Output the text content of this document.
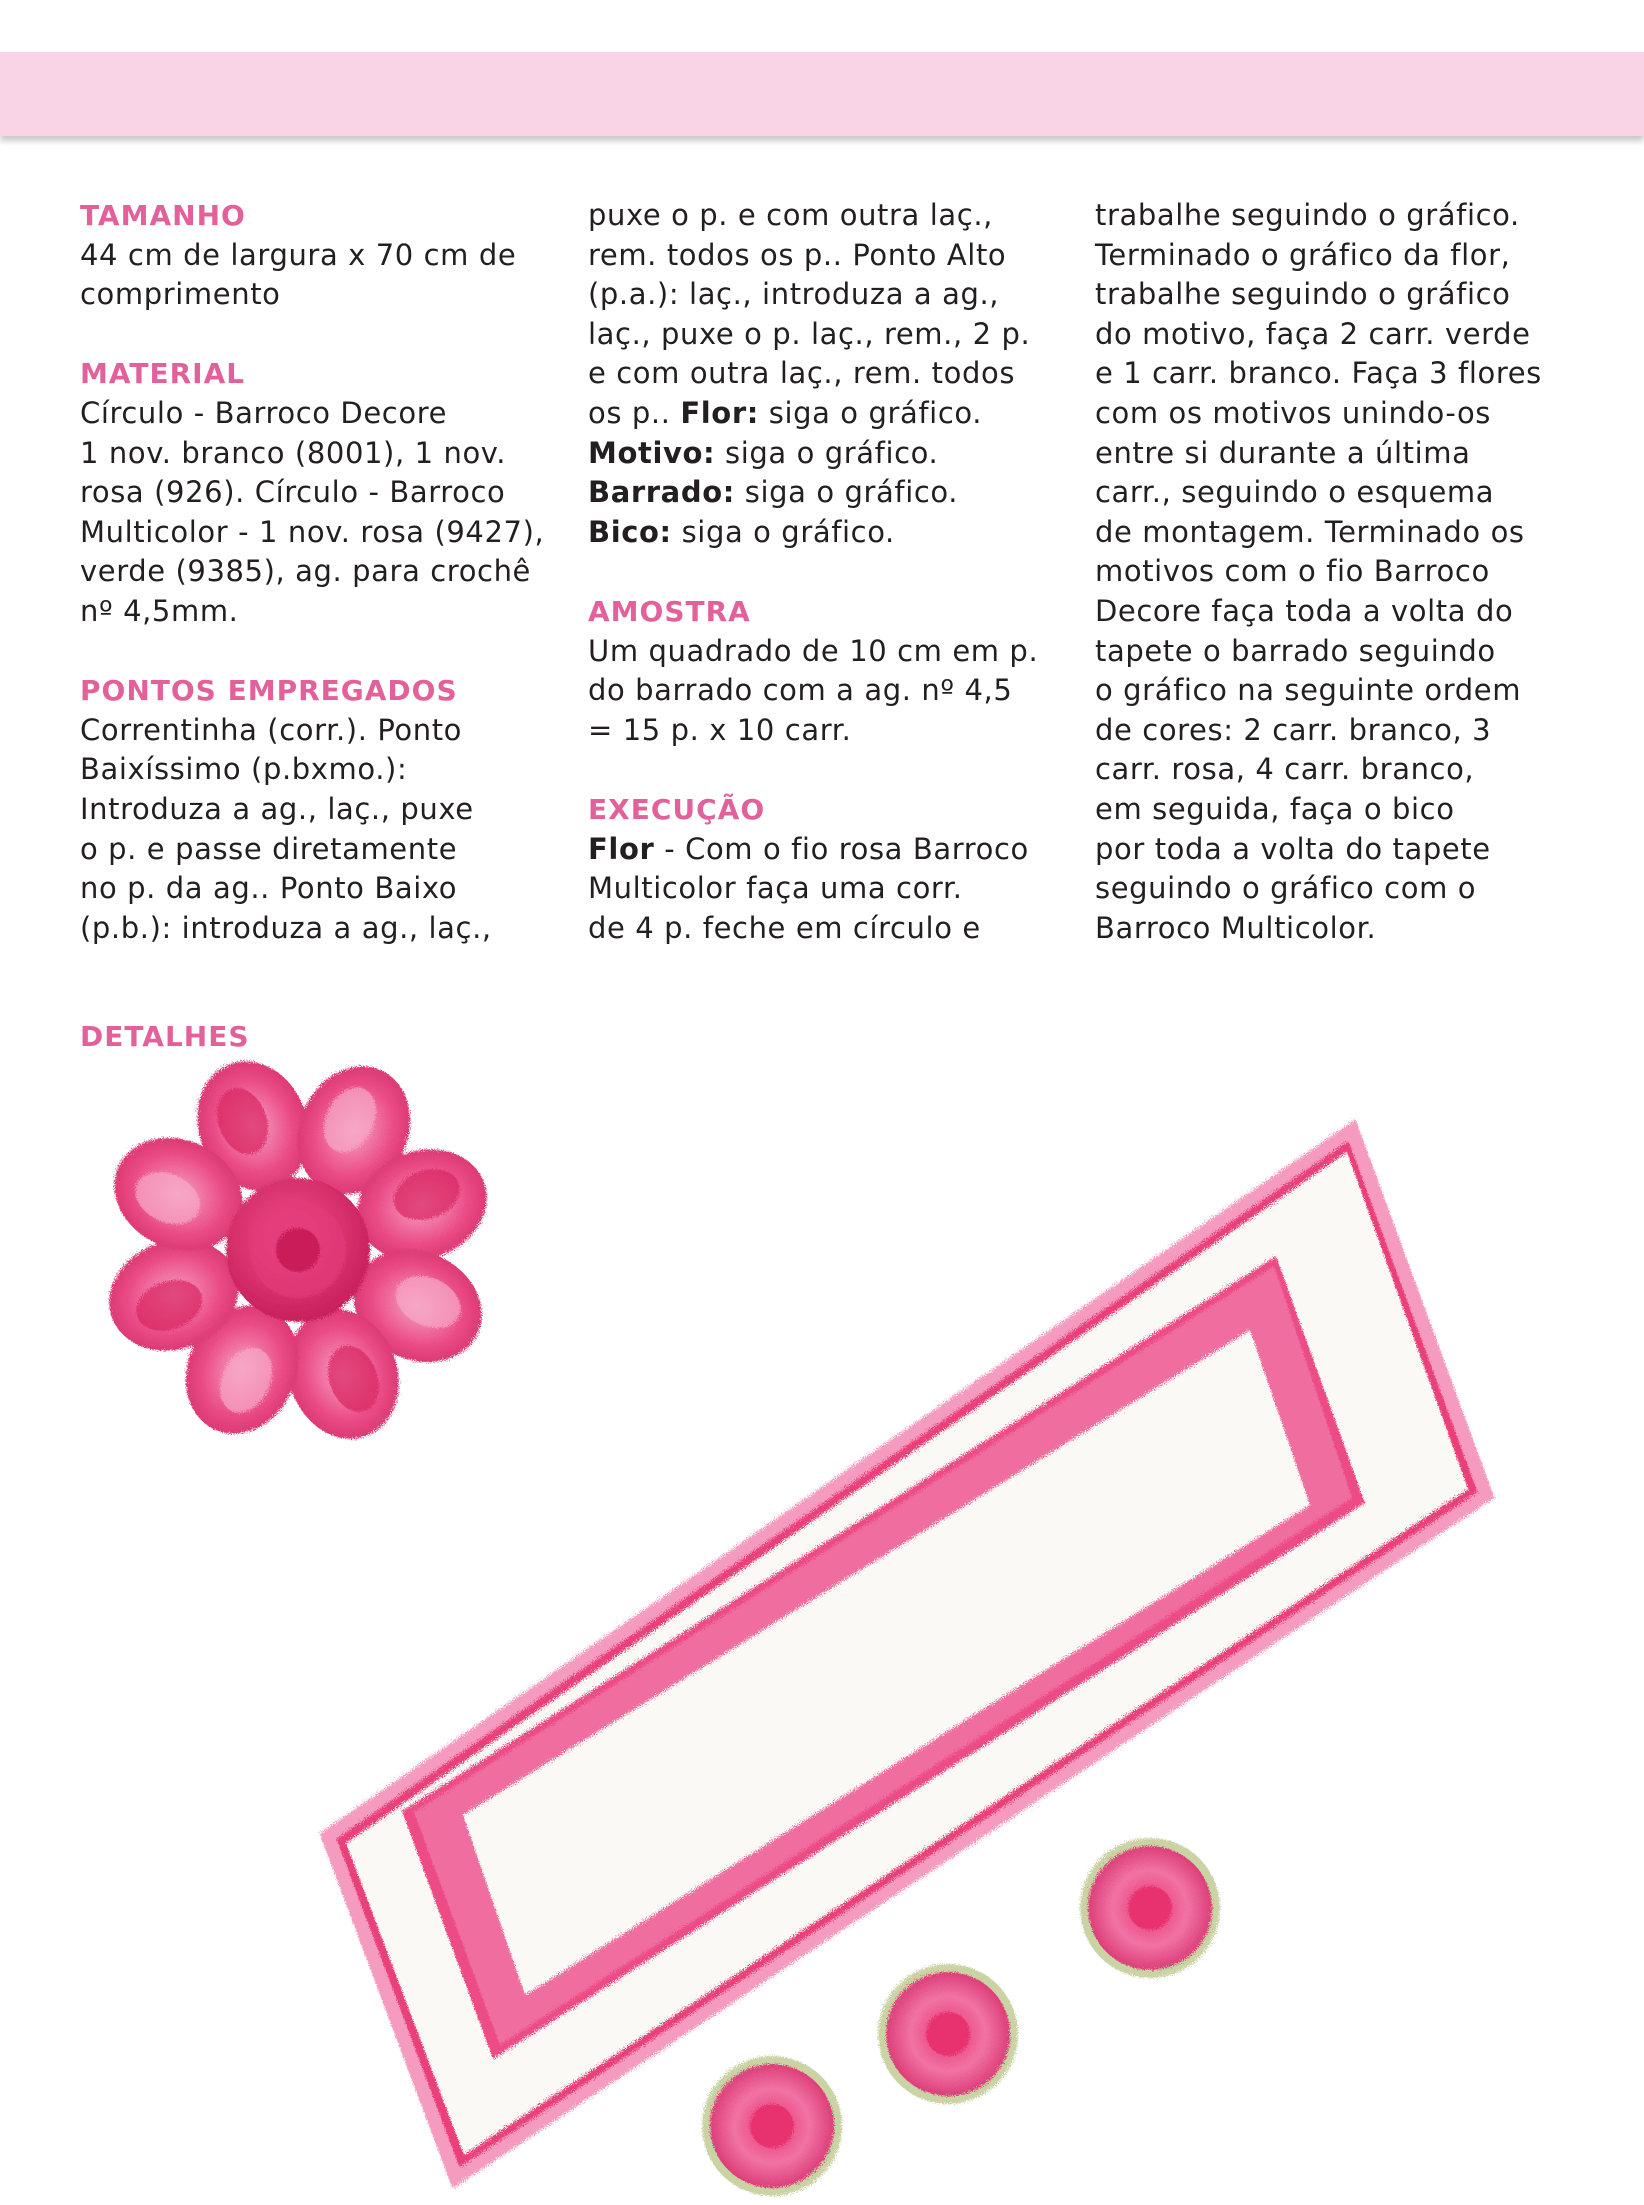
TAMANHO

44 cm de largura x 70 cm de

comprimento

MATERIAL

Círculo - Barroco Decore

1 nov. branco (8001), 1 nov.

rosa (926). Círculo - Barroco

Multicolor - 1 nov. rosa (9427),

verde (9385), ag. para crochê

nº 4,5mm.

PONTOS EMPREGADOS

Correntinha (corr.). Ponto

Baixíssimo (p.bxmo.):

Introduza a ag., laç., puxe

o p. e passe diretamente

no p. da ag.. Ponto Baixo

(p.b.): introduza a ag., laç.,

puxe o p. e com outra laç.,

rem. todos os p.. Ponto Alto

(p.a.): laç., introduza a ag.,

laç., puxe o p. laç., rem., 2 p.

e com outra laç., rem. todos

os p.. Flor: siga o gráfico.

Motivo: siga o gráfico.

Barrado: siga o gráfico.

Bico: siga o gráfico.

AMOSTRA

Um quadrado de 10 cm em p.

do barrado com a ag. nº 4,5

= 15 p. x 10 carr.

EXECUÇÃO

Flor - Com o fio rosa Barroco

Multicolor faça uma corr.

de 4 p. feche em círculo e

trabalhe seguindo o gráfico.

Terminado o gráfico da flor,

trabalhe seguindo o gráfico

do motivo, faça 2 carr. verde

e 1 carr. branco. Faça 3 flores

com os motivos unindo-os

entre si durante a última

carr., seguindo o esquema

de montagem. Terminado os

motivos com o fio Barroco

Decore faça toda a volta do

tapete o barrado seguindo

o gráfico na seguinte ordem

de cores: 2 carr. branco, 3

carr. rosa, 4 carr. branco,

em seguida, faça o bico

por toda a volta do tapete

seguindo o gráfico com o

Barroco Multicolor.

DETALHES
